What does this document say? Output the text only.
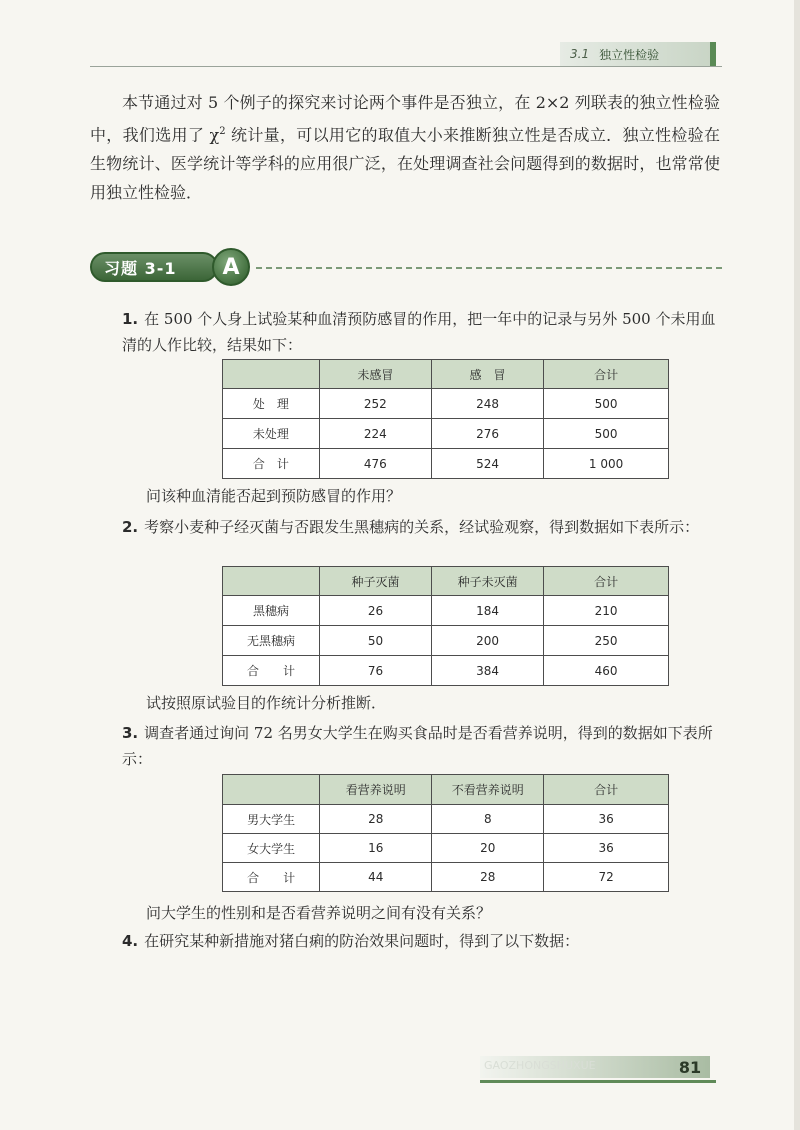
3.1 独立性检验
本节通过对 5 个例子的探究来讨论两个事件是否独立，在 2×2 列联表的独立性检验中，我们选用了 $\chi^2$ 统计量，可以用它的取值大小来推断独立性是否成立．独立性检验在生物统计、医学统计等学科的应用很广泛，在处理调查社会问题得到的数据时，也常常使用独立性检验．
习题 3-1	A
1. 在 500 个人身上试验某种血清预防感冒的作用，把一年中的记录与另外 500 个未用血清的人作比较，结果如下：
	未感冒	感　冒	合计
处　理	252	248	500
未处理	224	276	500
合　计	476	524	1 000
问该种血清能否起到预防感冒的作用？
2. 考察小麦种子经灭菌与否跟发生黑穗病的关系，经试验观察，得到数据如下表所示：
	种子灭菌	种子未灭菌	合计
黑穗病	26	184	210
无黑穗病	50	200	250
合　　计	76	384	460
试按照原试验目的作统计分析推断．
3. 调查者通过询问 72 名男女大学生在购买食品时是否看营养说明，得到的数据如下表所示：
	看营养说明	不看营养说明	合计
男大学生	28	8	36
女大学生	16	20	36
合　　计	44	28	72
问大学生的性别和是否看营养说明之间有没有关系？
4. 在研究某种新措施对猪白痢的防治效果问题时，得到了以下数据：
GAOZHONGSHUXUE	81
